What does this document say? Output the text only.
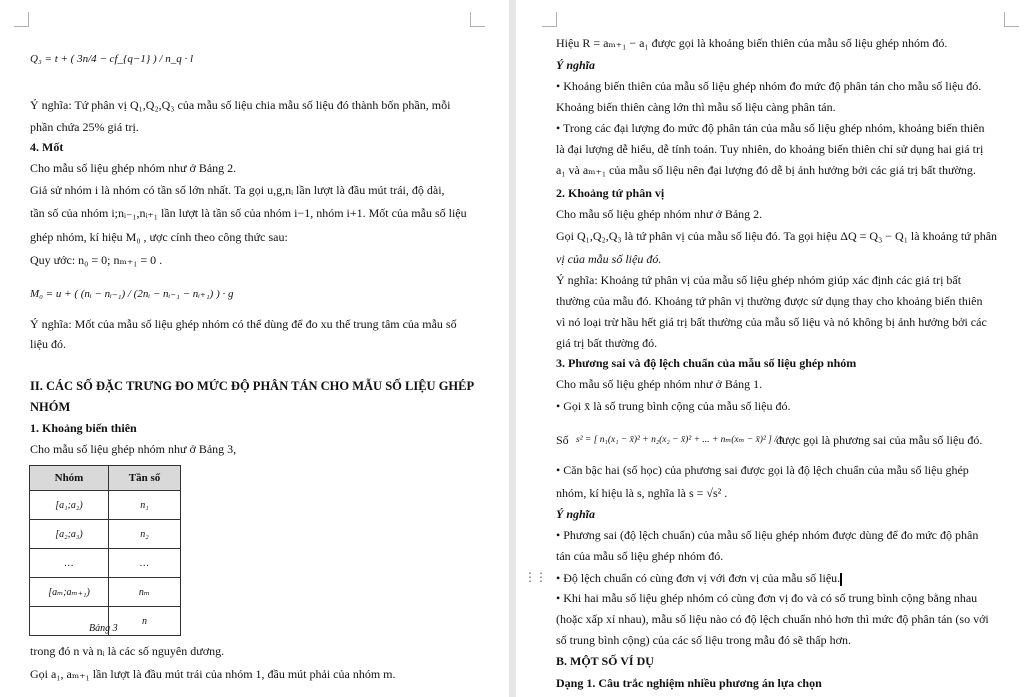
Q₃ = t + ( 3n/4 − cf_{q−1} ) / n_q · l
Ý nghĩa: Tứ phân vị Q₁,Q₂,Q₃ của mẫu số liệu chia mẫu số liệu đó thành bốn phần, mỗi
phần chứa 25% giá trị.
4. Mốt
Cho mẫu số liệu ghép nhóm như ở Bảng 2.
Giả sử nhóm i là nhóm có tần số lớn nhất. Ta gọi u,g,nᵢ lần lượt là đầu mút trái, độ dài,
tần số của nhóm i;nᵢ₋₁,nᵢ₊₁ lần lượt là tần số của nhóm i−1, nhóm i+1. Mốt của mẫu số liệu
ghép nhóm, kí hiệu M₀ , ược cính theo công thức sau:
Quy ước: n₀ = 0; nₘ₊₁ = 0 .
M₀ = u + ( (nᵢ − nᵢ₋₁) / (2nᵢ − nᵢ₋₁ − nᵢ₊₁) ) · g
Ý nghĩa: Mốt của mẫu số liệu ghép nhóm có thể dùng để đo xu thế trung tâm của mẫu số
liệu đó.
II. CÁC SỐ ĐẶC TRƯNG ĐO MỨC ĐỘ PHÂN TÁN CHO MẪU SỐ LIỆU GHÉP
NHÓM
1. Khoảng biến thiên
Cho mẫu số liệu ghép nhóm như ở Bảng 3,
Nhóm	Tần số
[a₁;a₂)	n₁
[a₂;a₃)	n₂
…	…
[aₘ;aₘ₊₁)	nₘ
	n
Bảng 3
trong đó n và nᵢ là các số nguyên dương.
Gọi a₁, aₘ₊₁ lần lượt là đầu mút trái của nhóm 1, đầu mút phải của nhóm m.
Hiệu R = aₘ₊₁ − a₁ được gọi là khoảng biến thiên của mẫu số liệu ghép nhóm đó.
Ý nghĩa
• Khoảng biến thiên của mẫu số liệu ghép nhóm đo mức độ phân tán cho mẫu số liệu đó.
Khoảng biến thiên càng lớn thì mẫu số liệu càng phân tán.
• Trong các đại lượng đo mức độ phân tán của mẫu số liệu ghép nhóm, khoảng biến thiên
là đại lượng dễ hiểu, dễ tính toán. Tuy nhiên, do khoảng biến thiên chỉ sử dụng hai giá trị
a₁ và aₘ₊₁ của mẫu số liệu nên đại lượng đó dễ bị ảnh hưởng bởi các giá trị bất thường.
2. Khoảng tứ phân vị
Cho mẫu số liệu ghép nhóm như ở Bảng 2.
Gọi Q₁,Q₂,Q₃ là tứ phân vị của mẫu số liệu đó. Ta gọi hiệu ΔQ = Q₃ − Q₁ là khoảng tứ phân
vị của mẫu số liệu đó.
Ý nghĩa: Khoảng tứ phân vị của mẫu số liệu ghép nhóm giúp xác định các giá trị bất
thường của mẫu đó. Khoảng tứ phân vị thường được sử dụng thay cho khoảng biến thiên
vì nó loại trừ hầu hết giá trị bất thường của mẫu số liệu và nó không bị ảnh hưởng bởi các
giá trị bất thường đó.
3. Phương sai và độ lệch chuẩn của mẫu số liệu ghép nhóm
Cho mẫu số liệu ghép nhóm như ở Bảng 1.
• Gọi x̄ là số trung bình cộng của mẫu số liệu đó.
Số s² = [ n₁(x₁ − x̄)² + n₂(x₂ − x̄)² + ... + nₘ(xₘ − x̄)² ] / n
được gọi là phương sai của mẫu số liệu đó.
• Căn bậc hai (số học) của phương sai được gọi là độ lệch chuẩn của mẫu số liệu ghép
nhóm, kí hiệu là s, nghĩa là s = √s² .
Ý nghĩa
• Phương sai (độ lệch chuẩn) của mẫu số liệu ghép nhóm được dùng để đo mức độ phân
tán của mẫu số liệu ghép nhóm đó.
⋮⋮ • Độ lệch chuẩn có cùng đơn vị với đơn vị của mẫu số liệu.
• Khi hai mẫu số liệu ghép nhóm có cùng đơn vị đo và có số trung bình cộng bằng nhau
(hoặc xấp xỉ nhau), mẫu số liệu nào có độ lệch chuẩn nhỏ hơn thì mức độ phân tán (so với
số trung bình cộng) của các số liệu trong mẫu đó sẽ thấp hơn.
B. MỘT SỐ VÍ DỤ
Dạng 1. Câu trắc nghiệm nhiều phương án lựa chọn
